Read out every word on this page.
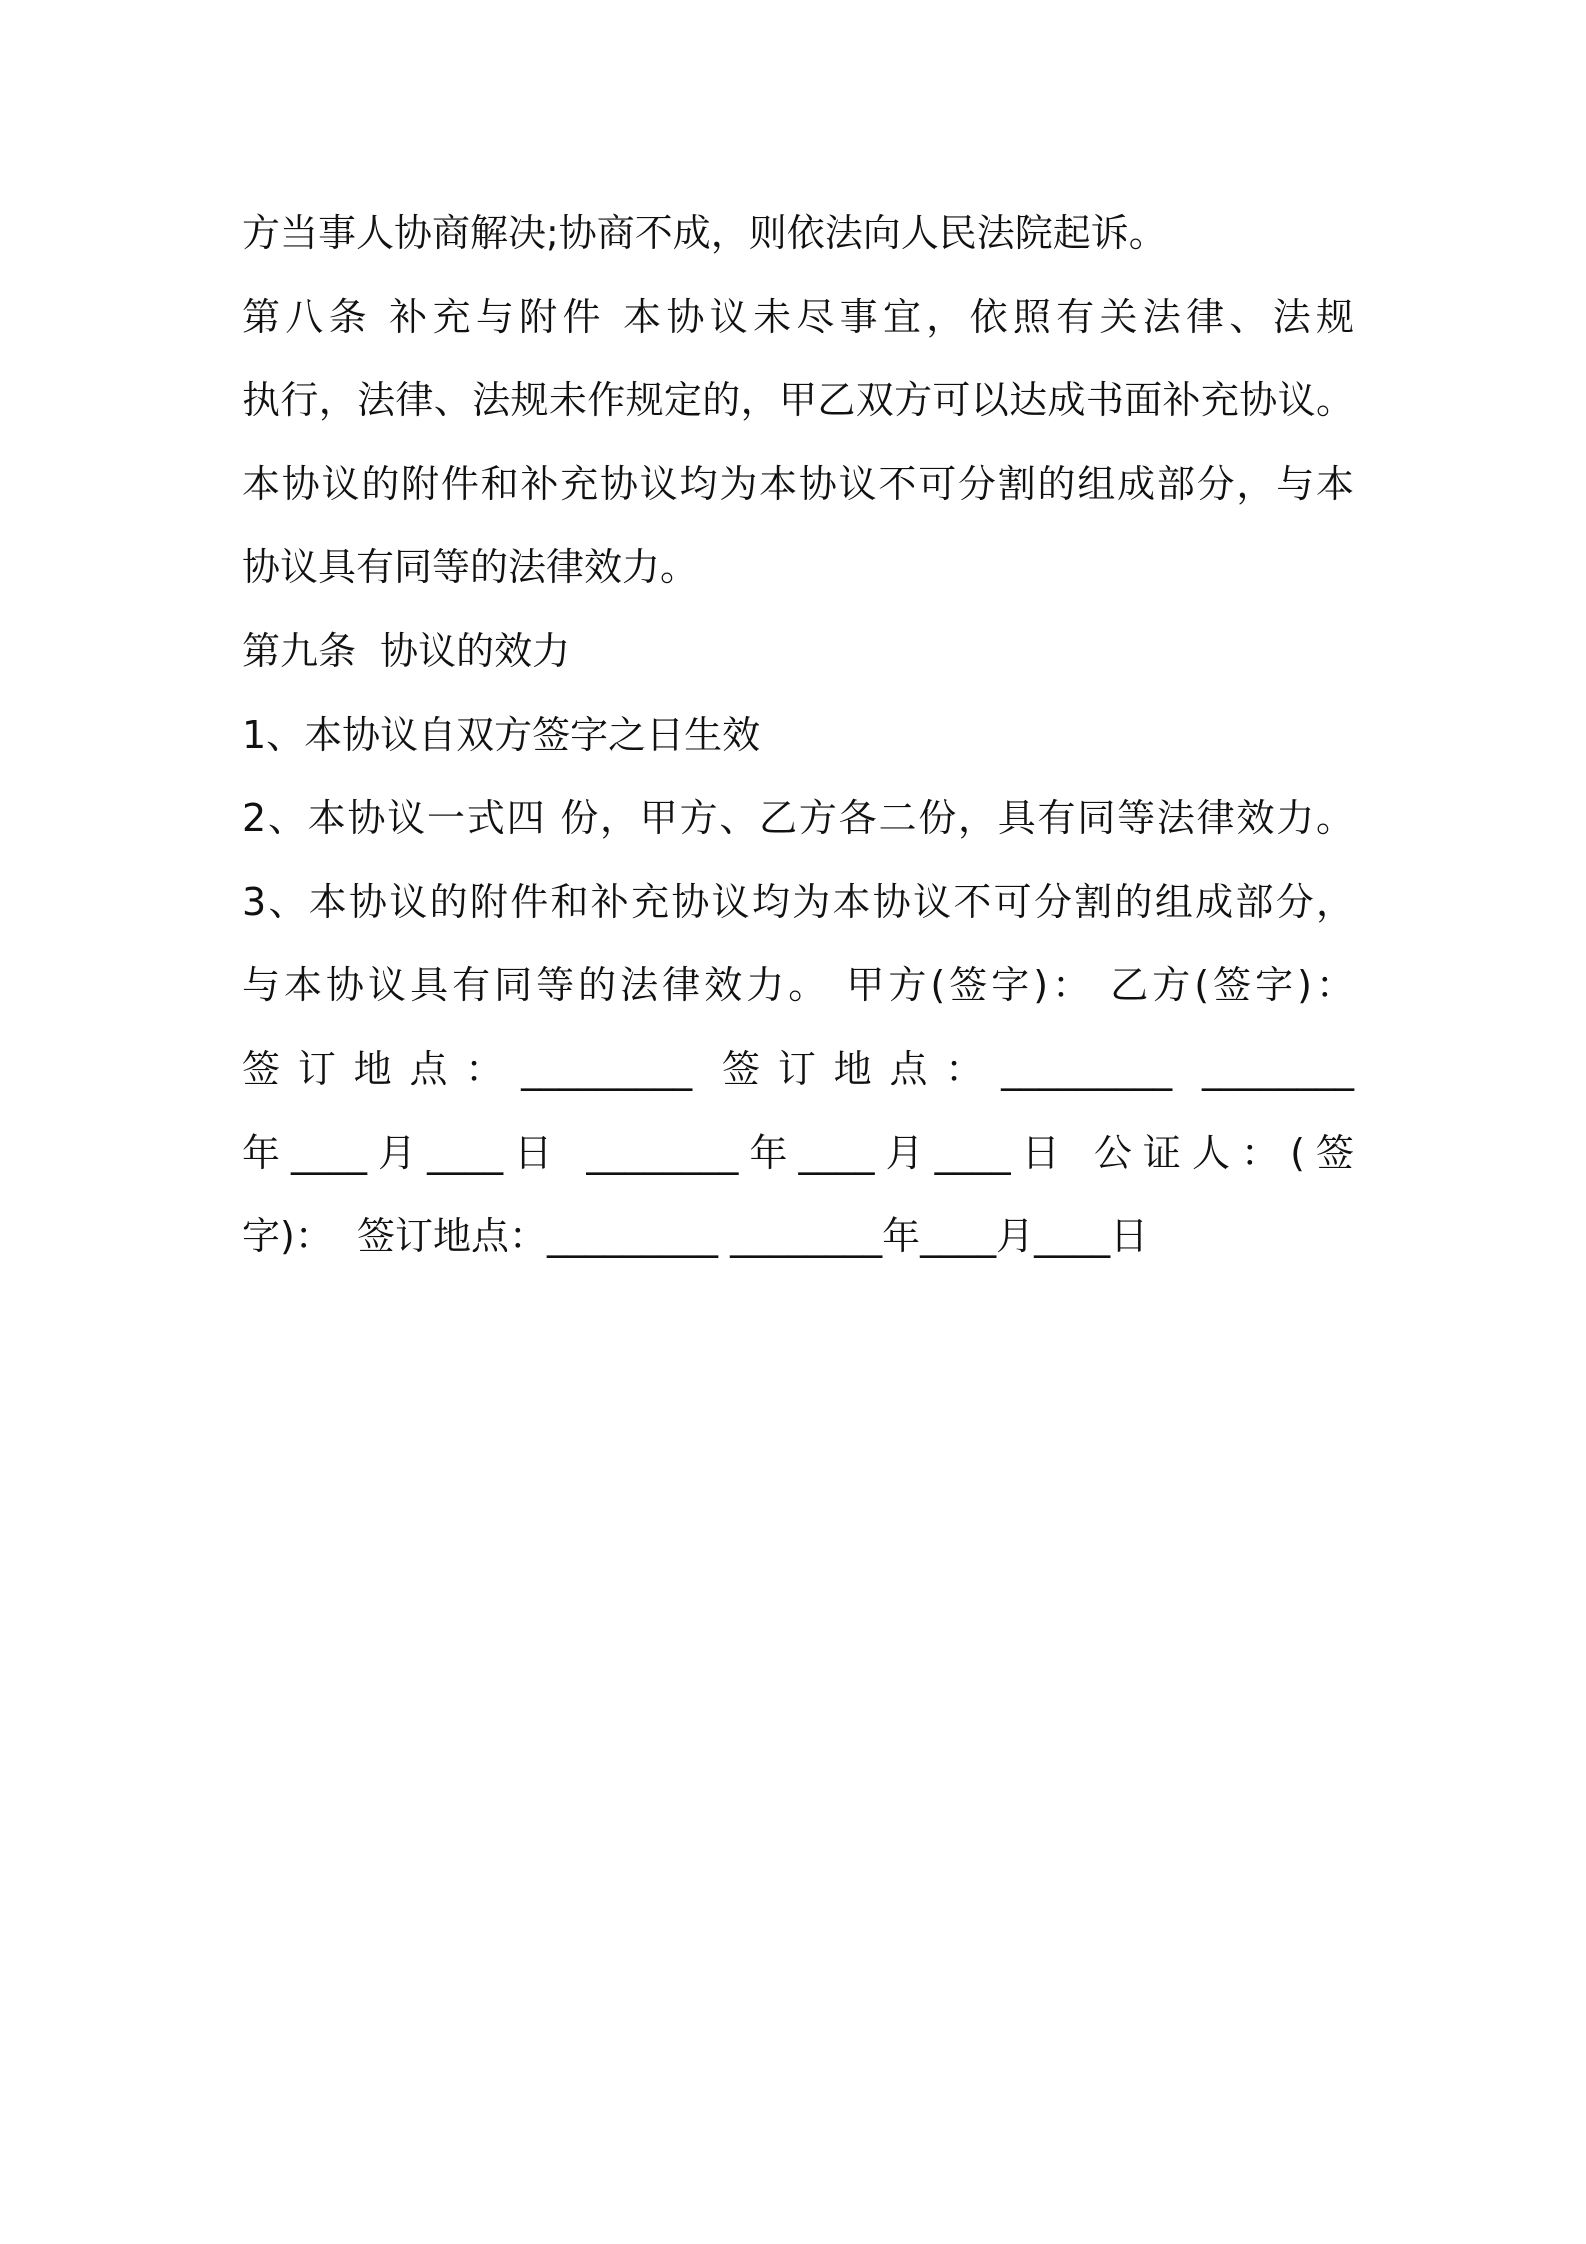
方当事人协商解决;协商不成，则依法向人民法院起诉。
第八条 补充与附件 本协议未尽事宜，依照有关法律、法规
执行，法律、法规未作规定的，甲乙双方可以达成书面补充协议。
本协议的附件和补充协议均为本协议不可分割的组成部分，与本
协议具有同等的法律效力。
第九条  协议的效力
1、本协议自双方签字之日生效
2、本协议一式四 份，甲方、乙方各二份，具有同等法律效力。
3、本协议的附件和补充协议均为本协议不可分割的组成部分，
与本协议具有同等的法律效力。 甲方(签字)： 乙方(签字)：
签订地点：_________ 签订地点：_________ ________
年____月____日 ________年____月____日 公证人：(签
字)：  签订地点：_________ ________年____月____日
